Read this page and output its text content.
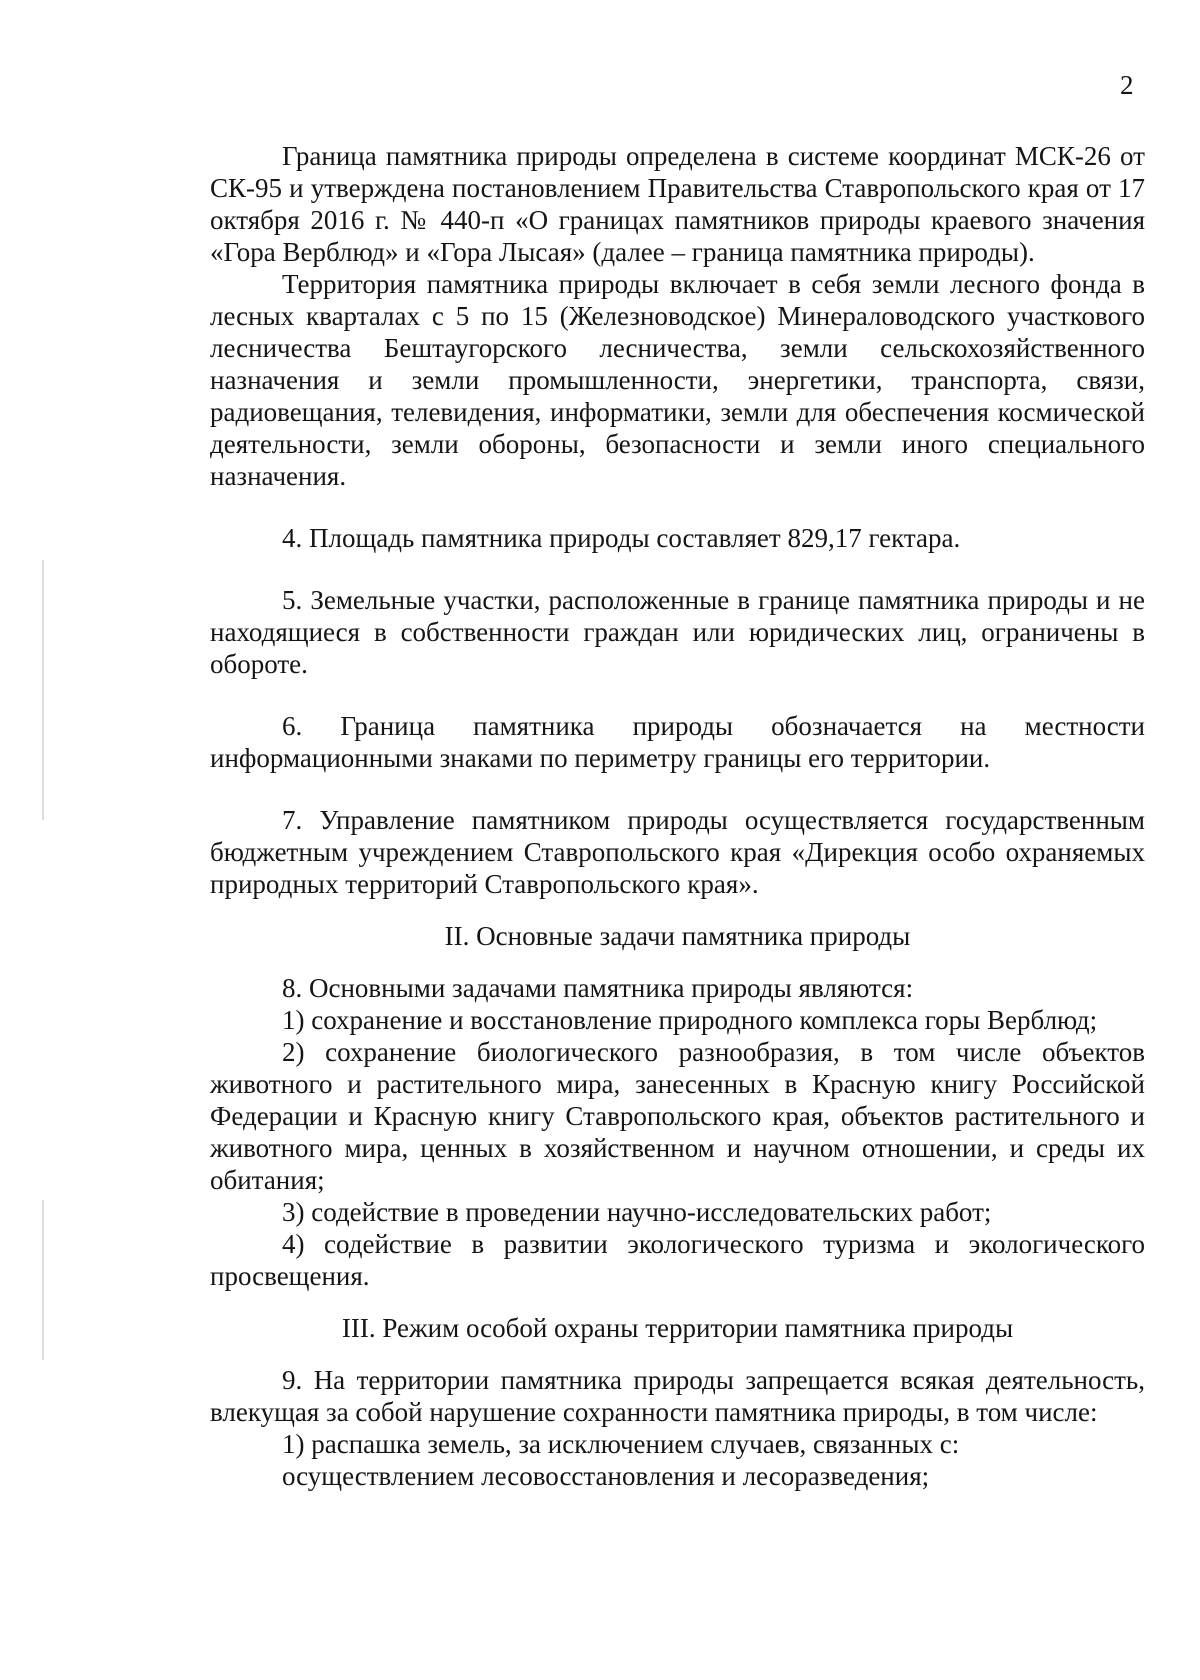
2

Граница памятника природы определена в системе координат МСК-26 от СК-95 и утверждена постановлением Правительства Ставропольского края от 17 октября 2016 г. № 440-п «О границах памятников природы краевого значения «Гора Верблюд» и «Гора Лысая» (далее – граница памятника природы).

Территория памятника природы включает в себя земли лесного фонда в лесных кварталах с 5 по 15 (Железноводское) Минераловодского участкового лесничества Бештаугорского лесничества, земли сельскохозяйственного назначения и земли промышленности, энергетики, транспорта, связи, радиовещания, телевидения, информатики, земли для обеспечения космической деятельности, земли обороны, безопасности и земли иного специального назначения.

4. Площадь памятника природы составляет 829,17 гектара.

5. Земельные участки, расположенные в границе памятника природы и не находящиеся в собственности граждан или юридических лиц, ограничены в обороте.

6. Граница памятника природы обозначается на местности информационными знаками по периметру границы его территории.

7. Управление памятником природы осуществляется государственным бюджетным учреждением Ставропольского края «Дирекция особо охраняемых природных территорий Ставропольского края».

II. Основные задачи памятника природы

8. Основными задачами памятника природы являются:

1) сохранение и восстановление природного комплекса горы Верблюд;

2) сохранение биологического разнообразия, в том числе объектов животного и растительного мира, занесенных в Красную книгу Российской Федерации и Красную книгу Ставропольского края, объектов растительного и животного мира, ценных в хозяйственном и научном отношении, и среды их обитания;

3) содействие в проведении научно-исследовательских работ;

4) содействие в развитии экологического туризма и экологического просвещения.

III. Режим особой охраны территории памятника природы

9. На территории памятника природы запрещается всякая деятельность, влекущая за собой нарушение сохранности памятника природы, в том числе:

1) распашка земель, за исключением случаев, связанных с:

осуществлением лесовосстановления и лесоразведения;
